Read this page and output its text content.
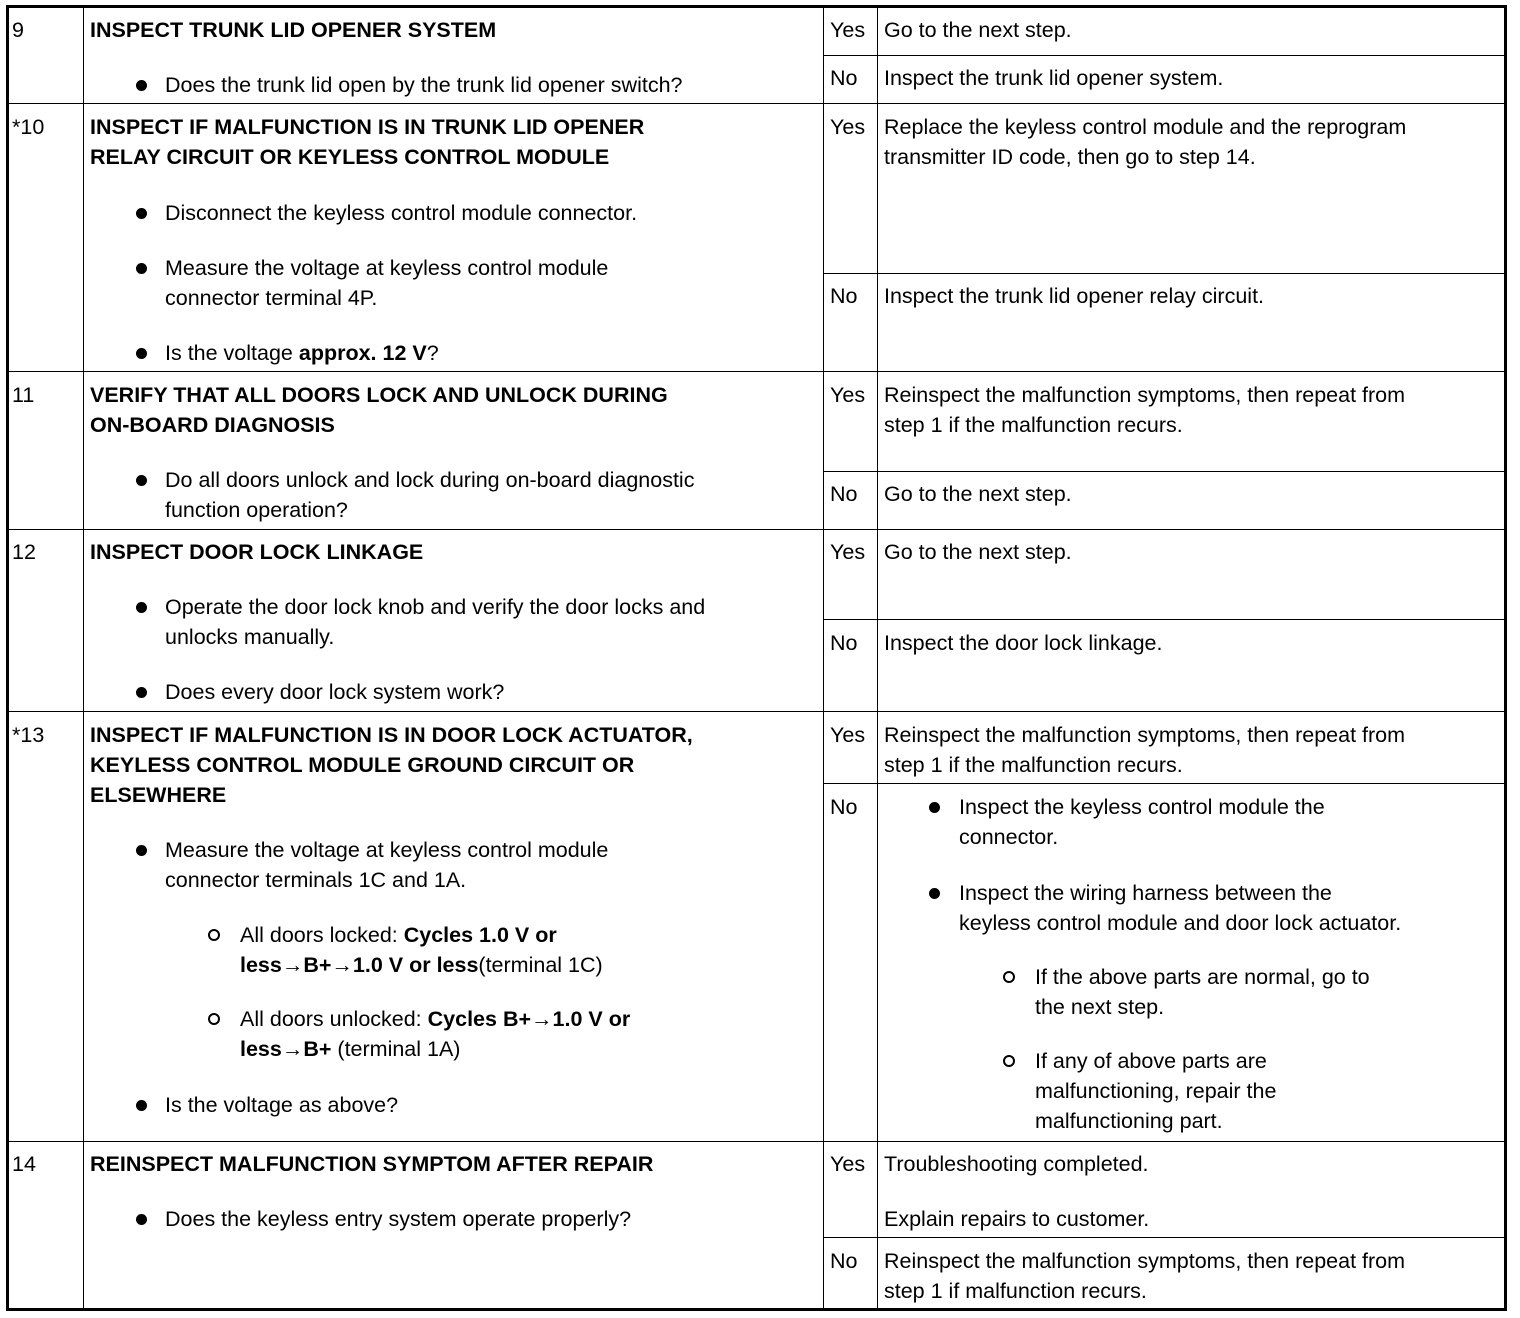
9	INSPECT TRUNK LID OPENER SYSTEM
Does the trunk lid open by the trunk lid opener switch?
Yes Go to the next step.
No Inspect the trunk lid opener system.
*10 INSPECT IF MALFUNCTION IS IN TRUNK LID OPENER
RELAY CIRCUIT OR KEYLESS CONTROL MODULE
Disconnect the keyless control module connector.
Measure the voltage at keyless control module
connector terminal 4P.
Is the voltage approx. 12 V?
Yes Replace the keyless control module and the reprogram
transmitter ID code, then go to step 14.
No Inspect the trunk lid opener relay circuit.
11	VERIFY THAT ALL DOORS LOCK AND UNLOCK DURING
ON-BOARD DIAGNOSIS
Do all doors unlock and lock during on-board diagnostic
function operation?
Yes Reinspect the malfunction symptoms, then repeat from
step 1 if the malfunction recurs.
No Go to the next step.
12	INSPECT DOOR LOCK LINKAGE
Operate the door lock knob and verify the door locks and
unlocks manually.
Does every door lock system work?
Yes Go to the next step.
No Inspect the door lock linkage.
*13 INSPECT IF MALFUNCTION IS IN DOOR LOCK ACTUATOR,
KEYLESS CONTROL MODULE GROUND CIRCUIT OR
ELSEWHERE
Measure the voltage at keyless control module
connector terminals 1C and 1A.
All doors locked: Cycles 1.0 V or
less→B+→1.0 V or less(terminal 1C)
All doors unlocked: Cycles B+→1.0 V or
less→B+ (terminal 1A)
Is the voltage as above?
Yes Reinspect the malfunction symptoms, then repeat from
step 1 if the malfunction recurs.
No	Inspect the keyless control module the
connector.
Inspect the wiring harness between the
keyless control module and door lock actuator.
If the above parts are normal, go to
the next step.
If any of above parts are
malfunctioning, repair the
malfunctioning part.
14	REINSPECT MALFUNCTION SYMPTOM AFTER REPAIR
Does the keyless entry system operate properly?
Yes Troubleshooting completed.
Explain repairs to customer.
No Reinspect the malfunction symptoms, then repeat from
step 1 if malfunction recurs.
